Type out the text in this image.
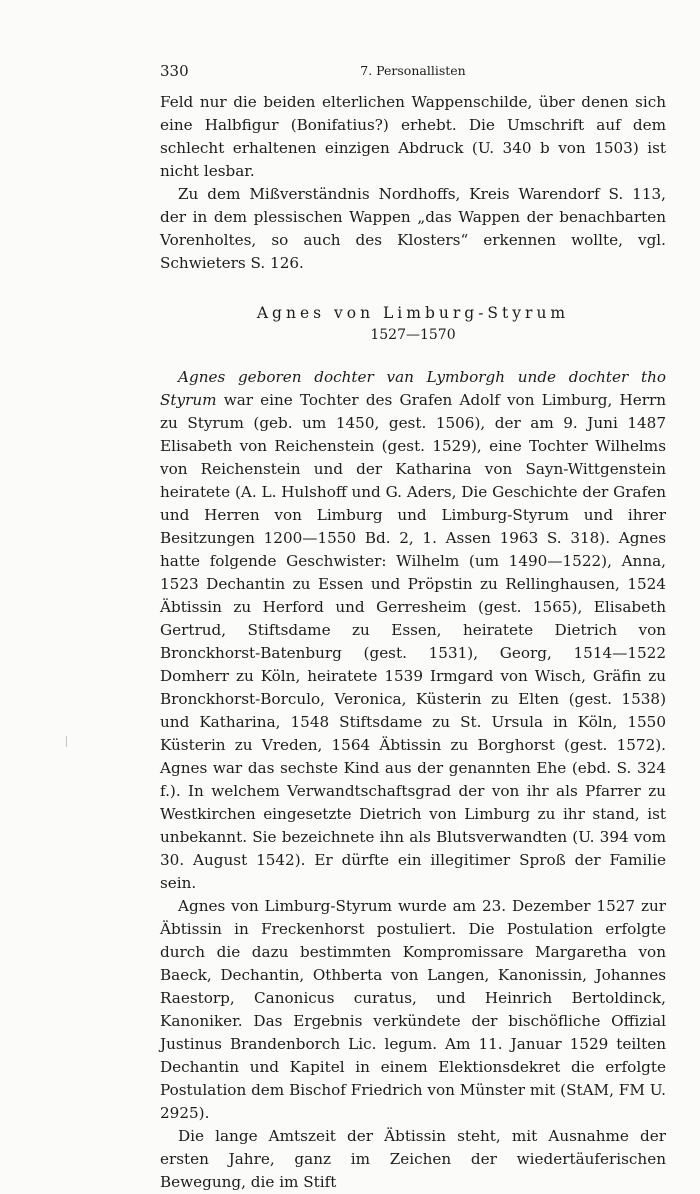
330	7. Personallisten

Feld nur die beiden elterlichen Wappenschilde, über denen sich eine Halbfigur (Bonifatius?) erhebt. Die Umschrift auf dem schlecht erhaltenen einzigen Abdruck (U. 340 b von 1503) ist nicht lesbar.

Zu dem Mißverständnis Nordhoffs, Kreis Warendorf S. 113, der in dem plessischen Wappen „das Wappen der benachbarten Vorenholtes, so auch des Klosters“ erkennen wollte, vgl. Schwieters S. 126.

Agnes von Limburg-Styrum
1527—1570

Agnes geboren dochter van Lymborgh unde dochter tho Styrum war eine Tochter des Grafen Adolf von Limburg, Herrn zu Styrum (geb. um 1450, gest. 1506), der am 9. Juni 1487 Elisabeth von Reichenstein (gest. 1529), eine Tochter Wilhelms von Reichenstein und der Katharina von Sayn-Wittgenstein heiratete (A. L. Hulshoff und G. Aders, Die Geschichte der Grafen und Herren von Limburg und Limburg-Styrum und ihrer Besitzungen 1200—1550 Bd. 2, 1. Assen 1963 S. 318). Agnes hatte folgende Geschwister: Wilhelm (um 1490—1522), Anna, 1523 Dechantin zu Essen und Pröpstin zu Rellinghausen, 1524 Äbtissin zu Herford und Gerresheim (gest. 1565), Elisabeth Gertrud, Stiftsdame zu Essen, heiratete Dietrich von Bronckhorst-Batenburg (gest. 1531), Georg, 1514—1522 Domherr zu Köln, heiratete 1539 Irmgard von Wisch, Gräfin zu Bronckhorst-Borculo, Veronica, Küsterin zu Elten (gest. 1538) und Katharina, 1548 Stiftsdame zu St. Ursula in Köln, 1550 Küsterin zu Vreden, 1564 Äbtissin zu Borghorst (gest. 1572). Agnes war das sechste Kind aus der genannten Ehe (ebd. S. 324 f.). In welchem Verwandtschaftsgrad der von ihr als Pfarrer zu Westkirchen eingesetzte Dietrich von Limburg zu ihr stand, ist unbekannt. Sie bezeichnete ihn als Blutsverwandten (U. 394 vom 30. August 1542). Er dürfte ein illegitimer Sproß der Familie sein.

Agnes von Limburg-Styrum wurde am 23. Dezember 1527 zur Äbtissin in Freckenhorst postuliert. Die Postulation erfolgte durch die dazu bestimmten Kompromissare Margaretha von Baeck, Dechantin, Othberta von Langen, Kanonissin, Johannes Raestorp, Canonicus curatus, und Heinrich Bertoldinck, Kanoniker. Das Ergebnis verkündete der bischöfliche Offizial Justinus Brandenborch Lic. legum. Am 11. Januar 1529 teilten Dechantin und Kapitel in einem Elektionsdekret die erfolgte Postulation dem Bischof Friedrich von Münster mit (StAM, FM U. 2925).

Die lange Amtszeit der Äbtissin steht, mit Ausnahme der ersten Jahre, ganz im Zeichen der wiedertäuferischen Bewegung, die im Stift
